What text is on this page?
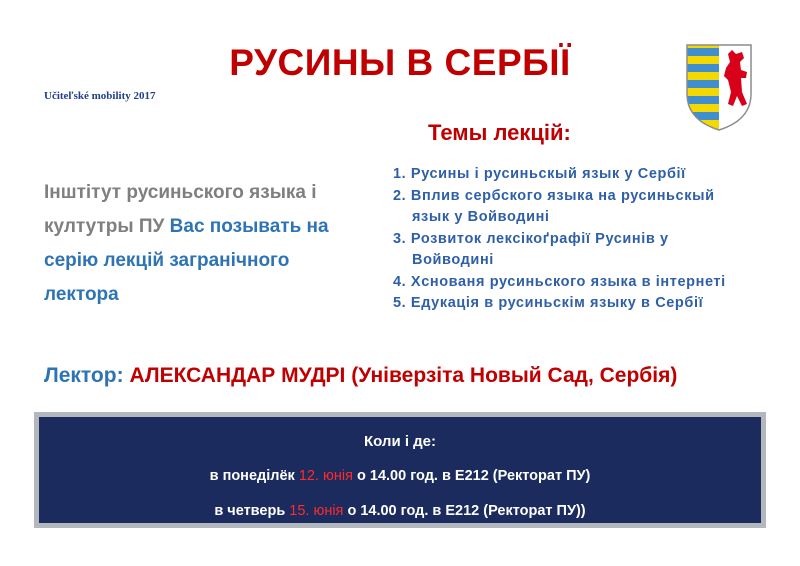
РУСИНЫ В СЕРБІЇ
Učiteľské mobility 2017
Інштітут русиньского языка і култутры ПУ Вас позывать на серію лекцій загранічного лектора
Темы лекцій:
1. Русины і русиньскый язык у Сербії
2. Вплив сербского языка на русиньскый язык у Войводині
3. Розвиток лексікоґрафії Русинів у Войводині
4. Хснованя русиньского языка в інтернеті
5. Едукація в русиньскім языку в Сербії
Лектор: АЛЕКСАНДАР МУДРІ (Універзіта Новый Сад, Сербія)
Коли і де:
в понеділёк 12. юнія о 14.00 год. в E212 (Ректорат ПУ)
в четверь 15. юнія о 14.00 год. в E212 (Ректорат ПУ))
